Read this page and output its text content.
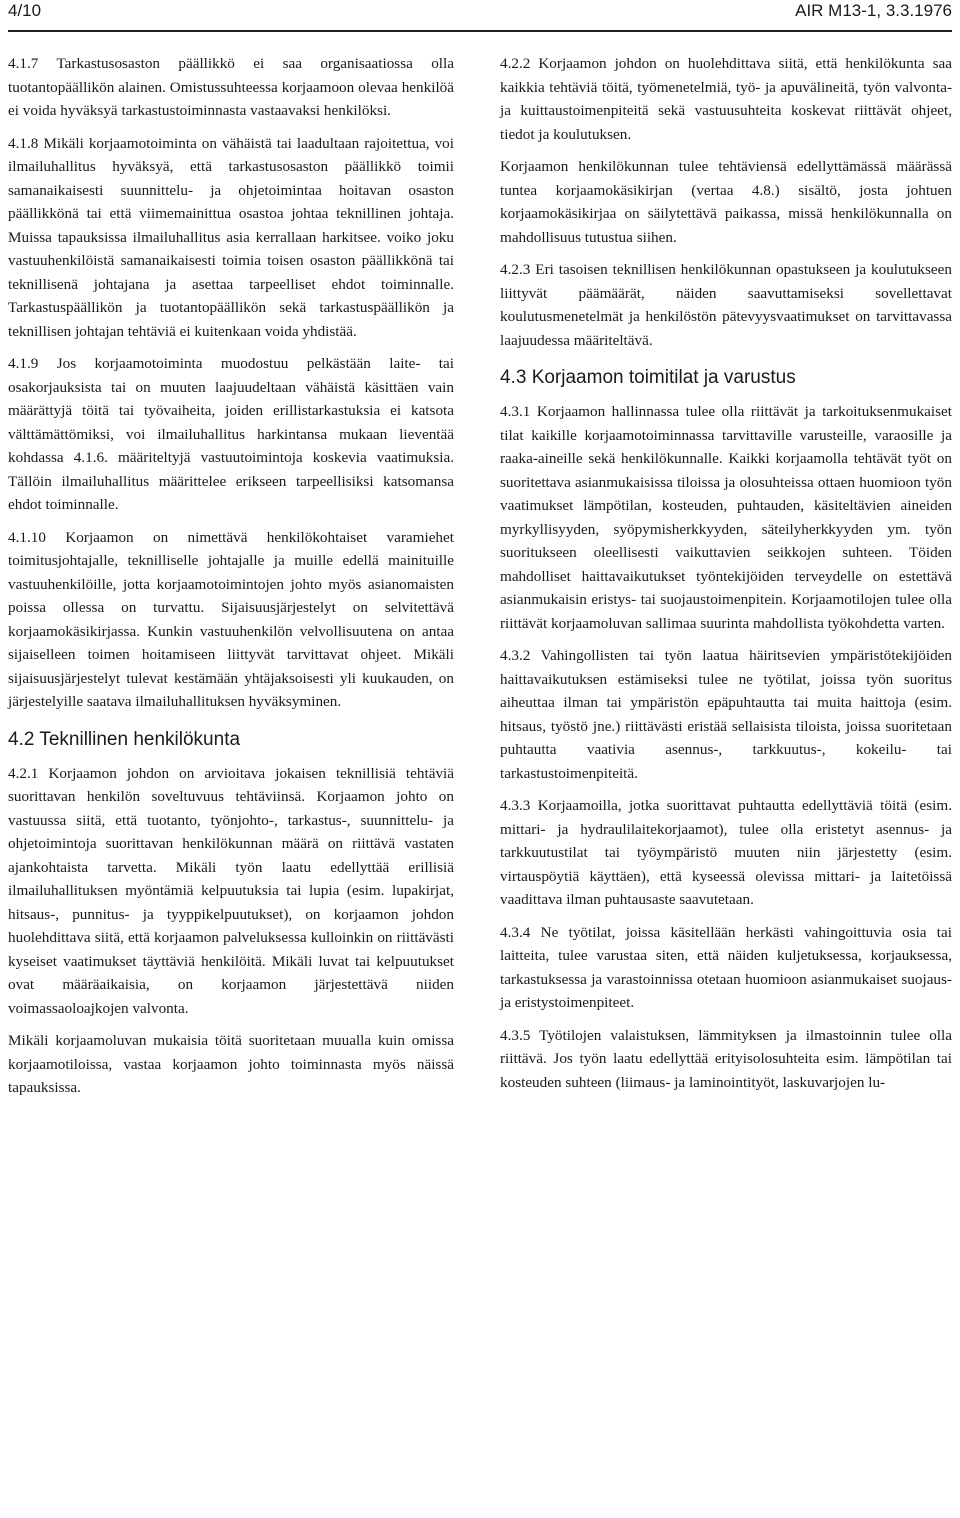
4/10	AIR M13-1, 3.3.1976

4.1.7 Tarkastusosaston päällikkö ei saa organisaatiossa olla tuotantopäällikön alainen. Omistussuhteessa korjaamoon olevaa henkilöä ei voida hyväksyä tarkastustoiminnasta vastaavaksi henkilöksi.

4.1.8 Mikäli korjaamotoiminta on vähäistä tai laadultaan rajoitettua, voi ilmailuhallitus hyväksyä, että tarkastusosaston päällikkö toimii samanaikaisesti suunnittelu- ja ohjetoimintaa hoitavan osaston päällikkönä tai että viimemainittua osastoa johtaa teknillinen johtaja. Muissa tapauksissa ilmailuhallitus asia kerrallaan harkitsee. voiko joku vastuuhenkilöistä samanaikaisesti toimia toisen osaston päällikkönä tai teknillisenä johtajana ja asettaa tarpeelliset ehdot toiminnalle. Tarkastuspäällikön ja tuotantopäällikön sekä tarkastuspäällikön ja teknillisen johtajan tehtäviä ei kuitenkaan voida yhdistää.

4.1.9 Jos korjaamotoiminta muodostuu pelkästään laite- tai osakorjauksista tai on muuten laajuudeltaan vähäistä käsittäen vain määrättyjä töitä tai työvaiheita, joiden erillistarkastuksia ei katsota välttämättömiksi, voi ilmailuhallitus harkintansa mukaan lieventää kohdassa 4.1.6. määriteltyjä vastuutoimintoja koskevia vaatimuksia. Tällöin ilmailuhallitus määrittelee erikseen tarpeellisiksi katsomansa ehdot toiminnalle.

4.1.10 Korjaamon on nimettävä henkilökohtaiset varamiehet toimitusjohtajalle, teknilliselle johtajalle ja muille edellä mainituille vastuuhenkilöille, jotta korjaamotoimintojen johto myös asianomaisten poissa ollessa on turvattu. Sijaisuusjärjestelyt on selvitettävä korjaamokäsikirjassa. Kunkin vastuuhenkilön velvollisuutena on antaa sijaiselleen toimen hoitamiseen liittyvät tarvittavat ohjeet. Mikäli sijaisuusjärjestelyt tulevat kestämään yhtäjaksoisesti yli kuukauden, on järjestelyille saatava ilmailuhallituksen hyväksyminen.

4.2 Teknillinen henkilökunta

4.2.1 Korjaamon johdon on arvioitava jokaisen teknillisiä tehtäviä suorittavan henkilön soveltuvuus tehtäviinsä. Korjaamon johto on vastuussa siitä, että tuotanto, työnjohto-, tarkastus-, suunnittelu- ja ohjetoimintoja suorittavan henkilökunnan määrä on riittävä vastaten ajankohtaista tarvetta. Mikäli työn laatu edellyttää erillisiä ilmailuhallituksen myöntämiä kelpuutuksia tai lupia (esim. lupakirjat, hitsaus-, punnitus- ja tyyppikelpuutukset), on korjaamon johdon huolehdittava siitä, että korjaamon palveluksessa kulloinkin on riittävästi kyseiset vaatimukset täyttäviä henkilöitä. Mikäli luvat tai kelpuutukset ovat määräaikaisia, on korjaamon järjestettävä niiden voimassaoloajkojen valvonta.

Mikäli korjaamoluvan mukaisia töitä suoritetaan muualla kuin omissa korjaamotiloissa, vastaa korjaamon johto toiminnasta myös näissä tapauksissa.

4.2.2 Korjaamon johdon on huolehdittava siitä, että henkilökunta saa kaikkia tehtäviä töitä, työmenetelmiä, työ- ja apuvälineitä, työn valvonta- ja kuittaustoimenpiteitä sekä vastuusuhteita koskevat riittävät ohjeet, tiedot ja koulutuksen.

Korjaamon henkilökunnan tulee tehtäviensä edellyttämässä määrässä tuntea korjaamokäsikirjan (vertaa 4.8.) sisältö, josta johtuen korjaamokäsikirjaa on säilytettävä paikassa, missä henkilökunnalla on mahdollisuus tutustua siihen.

4.2.3 Eri tasoisen teknillisen henkilökunnan opastukseen ja koulutukseen liittyvät päämäärät, näiden saavuttamiseksi sovellettavat koulutusmenetelmät ja henkilöstön pätevyysvaatimukset on tarvittavassa laajuudessa määriteltävä.

4.3 Korjaamon toimitilat ja varustus

4.3.1 Korjaamon hallinnassa tulee olla riittävät ja tarkoituksenmukaiset tilat kaikille korjaamotoiminnassa tarvittaville varusteille, varaosille ja raaka-aineille sekä henkilökunnalle. Kaikki korjaamolla tehtävät työt on suoritettava asianmukaisissa tiloissa ja olosuhteissa ottaen huomioon työn vaatimukset lämpötilan, kosteuden, puhtauden, käsiteltävien aineiden myrkyllisyyden, syöpymisherkkyyden, säteilyherkkyyden ym. työn suoritukseen oleellisesti vaikuttavien seikkojen suhteen. Töiden mahdolliset haittavaikutukset työntekijöiden terveydelle on estettävä asianmukaisin eristys- tai suojaustoimenpitein. Korjaamotilojen tulee olla riittävät korjaamoluvan sallimaa suurinta mahdollista työkohdetta varten.

4.3.2 Vahingollisten tai työn laatua häiritsevien ympäristötekijöiden haittavaikutuksen estämiseksi tulee ne työtilat, joissa työn suoritus aiheuttaa ilman tai ympäristön epäpuhtautta tai muita haittoja (esim. hitsaus, työstö jne.) riittävästi eristää sellaisista tiloista, joissa suoritetaan puhtautta vaativia asennus-, tarkkuutus-, kokeilu- tai tarkastustoimenpiteitä.

4.3.3 Korjaamoilla, jotka suorittavat puhtautta edellyttäviä töitä (esim. mittari- ja hydraulilaitekorjaamot), tulee olla eristetyt asennus- ja tarkkuutustilat tai työympäristö muuten niin järjestetty (esim. virtauspöytiä käyttäen), että kyseessä olevissa mittari- ja laitetöissä vaadittava ilman puhtausaste saavutetaan.

4.3.4 Ne työtilat, joissa käsitellään herkästi vahingoittuvia osia tai laitteita, tulee varustaa siten, että näiden kuljetuksessa, korjauksessa, tarkastuksessa ja varastoinnissa otetaan huomioon asianmukaiset suojaus- ja eristystoimenpiteet.

4.3.5 Työtilojen valaistuksen, lämmityksen ja ilmastoinnin tulee olla riittävä. Jos työn laatu edellyttää erityisolosuhteita esim. lämpötilan tai kosteuden suhteen (liimaus- ja laminointityöt, laskuvarjojen lu-
